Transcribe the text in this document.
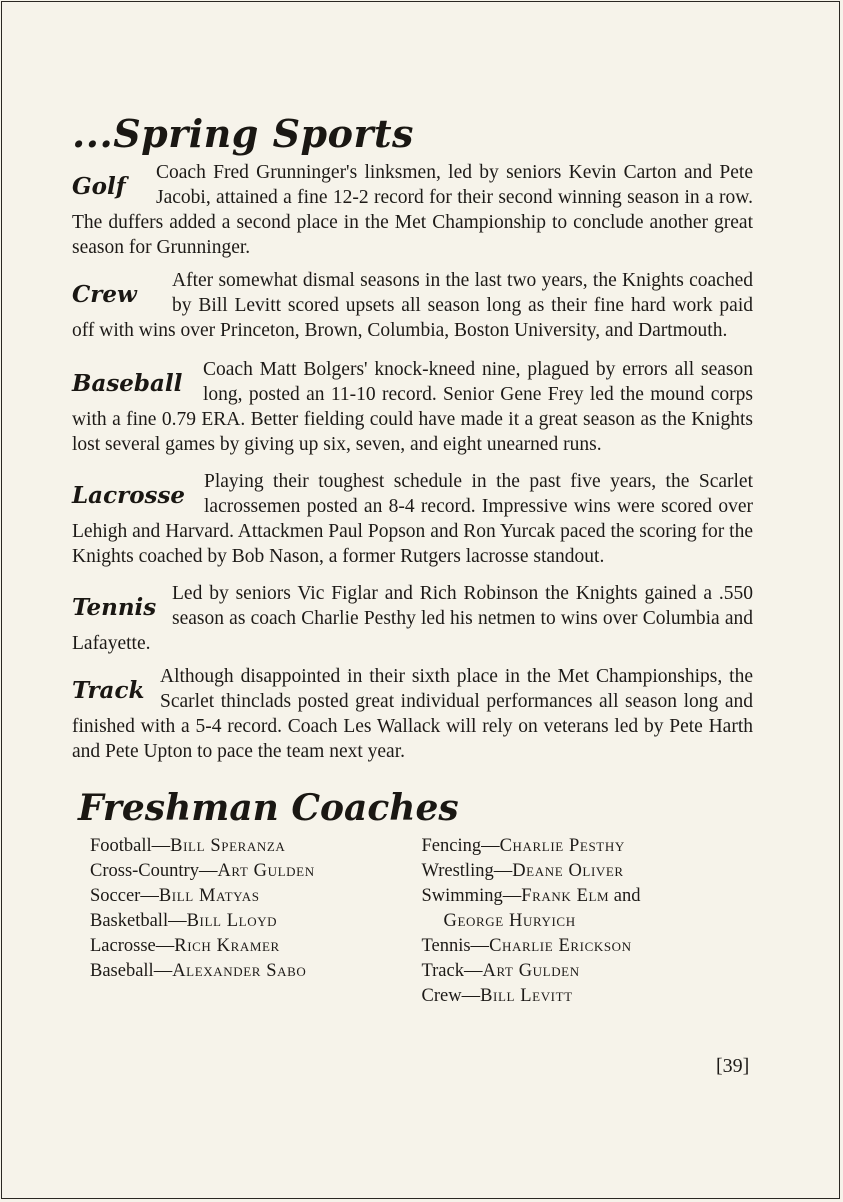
...Spring Sports

Golf
Coach Fred Grunninger's linksmen, led by seniors Kevin Carton and Pete Jacobi, attained a fine 12-2 record for their second winning season in a row. The duffers added a second place in the Met Championship to conclude another great season for Grunninger.

Crew
After somewhat dismal seasons in the last two years, the Knights coached by Bill Levitt scored upsets all season long as their fine hard work paid off with wins over Princeton, Brown, Columbia, Boston University, and Dartmouth.

Baseball
Coach Matt Bolgers' knock-kneed nine, plagued by errors all season long, posted an 11-10 record. Senior Gene Frey led the mound corps with a fine 0.79 ERA. Better fielding could have made it a great season as the Knights lost several games by giving up six, seven, and eight unearned runs.

Lacrosse
Playing their toughest schedule in the past five years, the Scarlet lacrossemen posted an 8-4 record. Impressive wins were scored over Lehigh and Harvard. Attackmen Paul Popson and Ron Yurcak paced the scoring for the Knights coached by Bob Nason, a former Rutgers lacrosse standout.

Tennis
Led by seniors Vic Figlar and Rich Robinson the Knights gained a .550 season as coach Charlie Pesthy led his netmen to wins over Columbia and Lafayette.

Track
Although disappointed in their sixth place in the Met Championships, the Scarlet thinclads posted great individual performances all season long and finished with a 5-4 record. Coach Les Wallack will rely on veterans led by Pete Harth and Pete Upton to pace the team next year.

Freshman Coaches
Football—Bill Speranza
Cross-Country—Art Gulden
Soccer—Bill Matyas
Basketball—Bill Lloyd
Lacrosse—Rich Kramer
Baseball—Alexander Sabo
Fencing—Charlie Pesthy
Wrestling—Deane Oliver
Swimming—Frank Elm and
George Huryich
Tennis—Charlie Erickson
Track—Art Gulden
Crew—Bill Levitt
[39]
